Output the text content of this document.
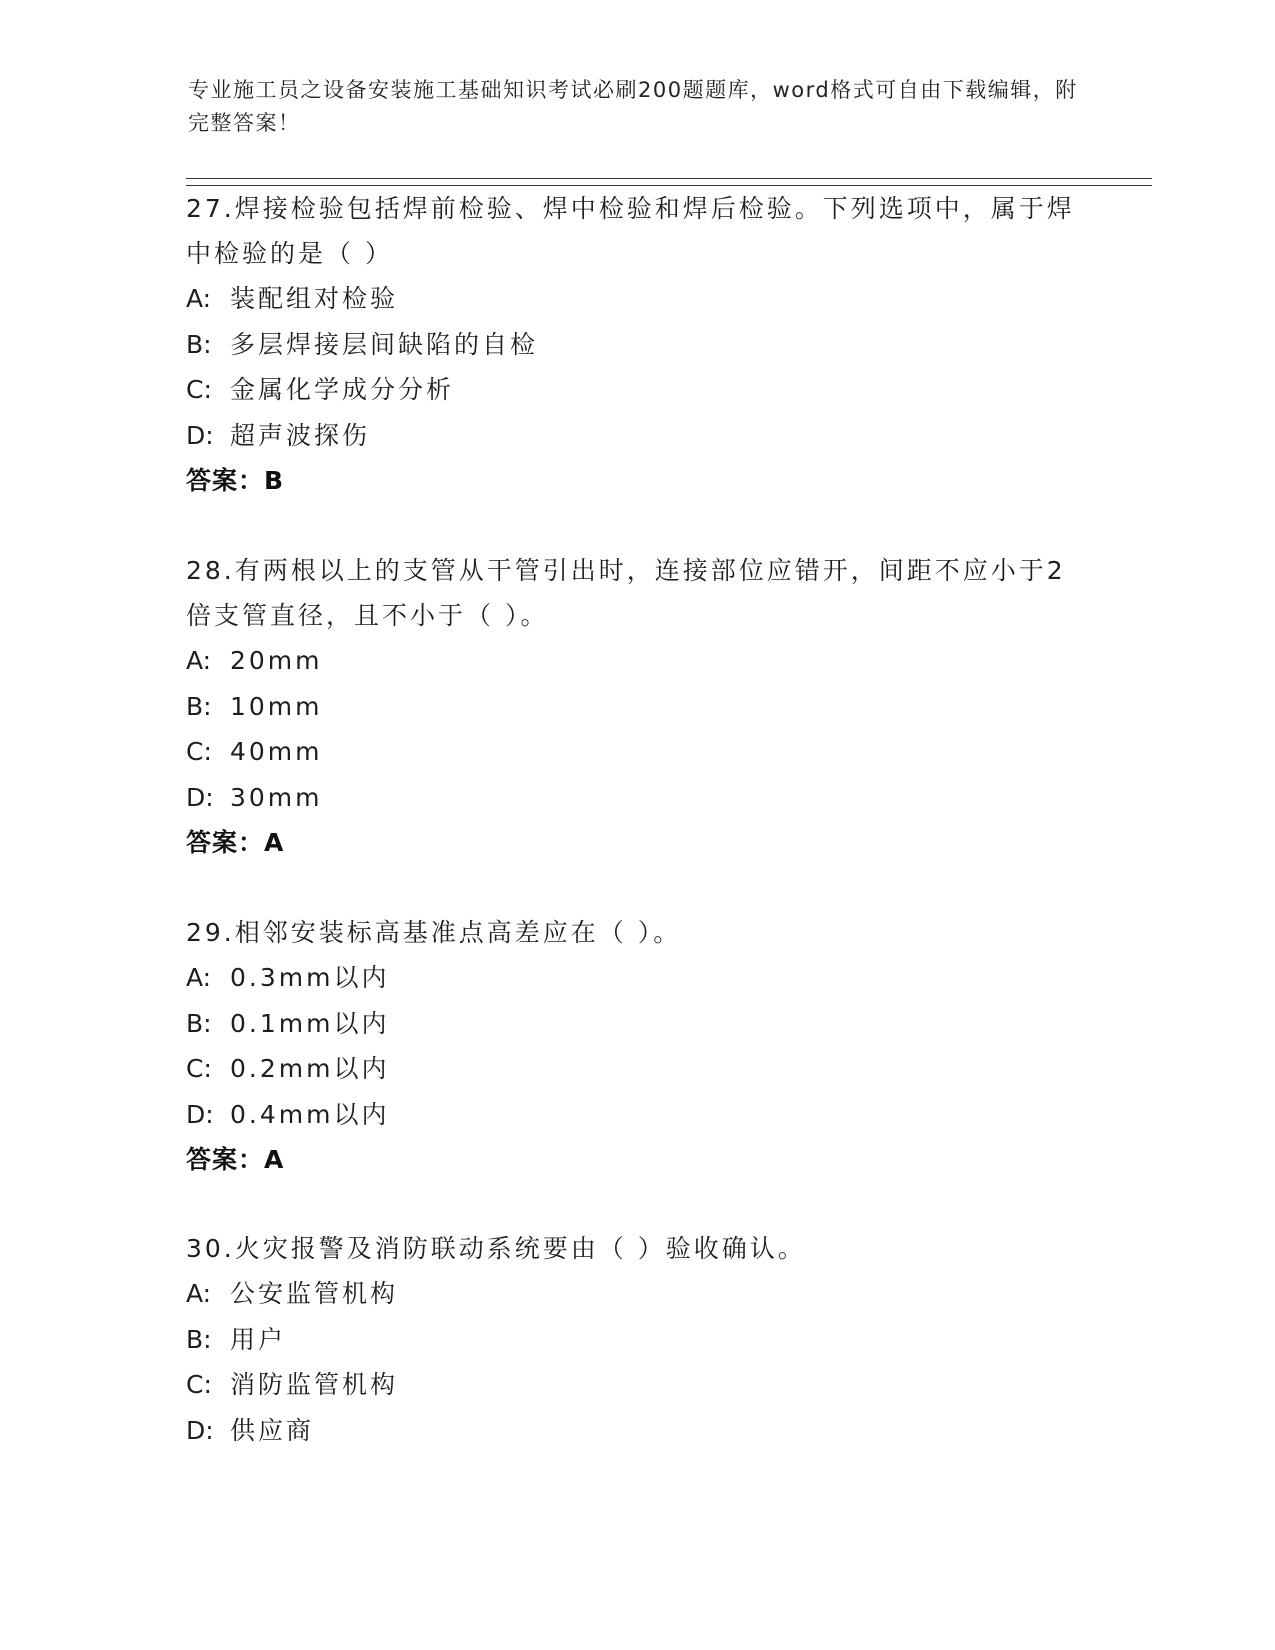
专业施工员之设备安装施工基础知识考试必刷200题题库，word格式可自由下载编辑，附完整答案！

27.焊接检验包括焊前检验、焊中检验和焊后检验。下列选项中，属于焊中检验的是（ ）

A: 装配组对检验
B: 多层焊接层间缺陷的自检
C: 金属化学成分分析
D: 超声波探伤

答案：B

28.有两根以上的支管从干管引出时，连接部位应错开，间距不应小于2倍支管直径，且不小于（ ）。

A: 20mm
B: 10mm
C: 40mm
D: 30mm

答案：A

29.相邻安装标高基准点高差应在（ ）。

A: 0.3mm以内
B: 0.1mm以内
C: 0.2mm以内
D: 0.4mm以内

答案：A

30.火灾报警及消防联动系统要由（ ）验收确认。

A: 公安监管机构
B: 用户
C: 消防监管机构
D: 供应商
